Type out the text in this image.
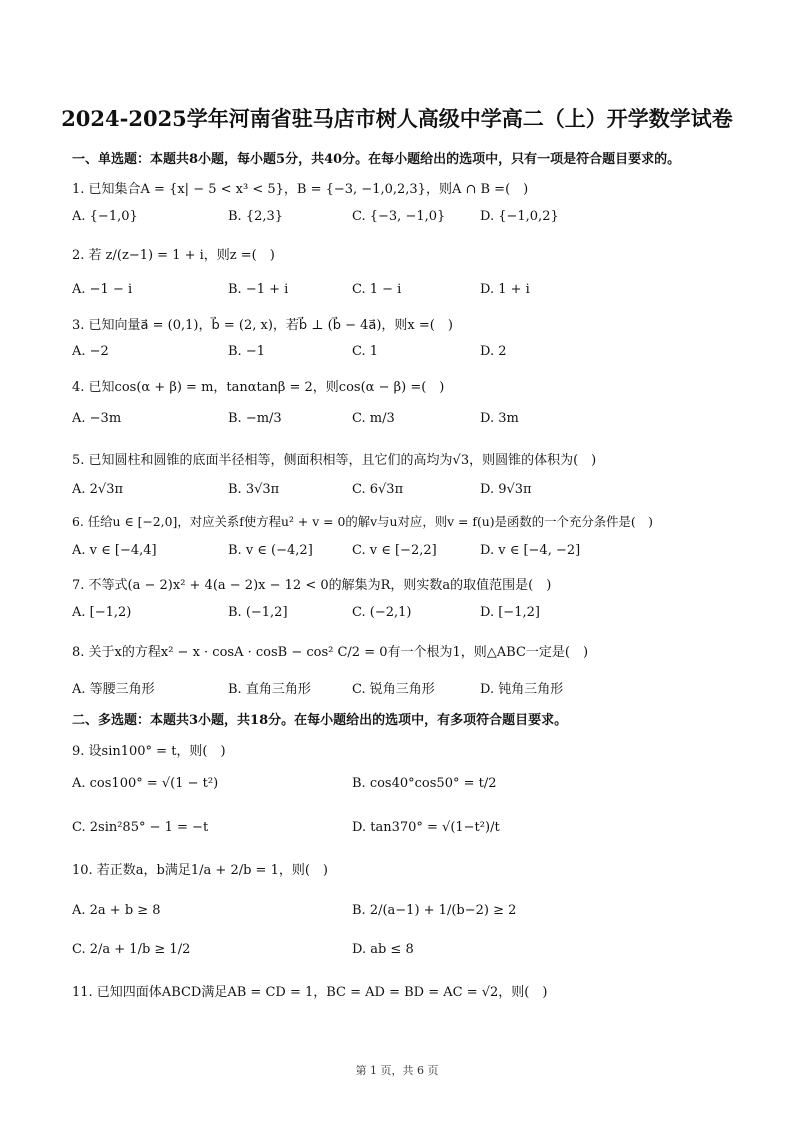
2024-2025学年河南省驻马店市树人高级中学高二（上）开学数学试卷
一、单选题：本题共8小题，每小题5分，共40分。在每小题给出的选项中，只有一项是符合题目要求的。
1. 已知集合A = {x| − 5 < x³ < 5}，B = {−3, −1,0,2,3}，则A ∩ B =(　)
A. {−1,0}	B. {2,3}	C. {−3, −1,0}	D. {−1,0,2}
2. 若 z/(z−1) = 1 + i，则z =(　)
A. −1 − i	B. −1 + i	C. 1 − i	D. 1 + i
3. 已知向量a⃗ = (0,1)，b⃗ = (2, x)，若b⃗ ⊥ (b⃗ − 4a⃗)，则x =(　)
A. −2	B. −1	C. 1	D. 2
4. 已知cos(α + β) = m，tanαtanβ = 2，则cos(α − β) =(　)
A. −3m	B. −m/3	C. m/3	D. 3m
5. 已知圆柱和圆锥的底面半径相等，侧面积相等，且它们的高均为√3，则圆锥的体积为(　)
A. 2√3π	B. 3√3π	C. 6√3π	D. 9√3π
6. 任给u ∈ [−2,0]，对应关系f使方程u² + v = 0的解v与u对应，则v = f(u)是函数的一个充分条件是(　)
A. v ∈ [−4,4]	B. v ∈ (−4,2]	C. v ∈ [−2,2]	D. v ∈ [−4, −2]
7. 不等式(a − 2)x² + 4(a − 2)x − 12 < 0的解集为R，则实数a的取值范围是(　)
A. [−1,2)	B. (−1,2]	C. (−2,1)	D. [−1,2]
8. 关于x的方程x² − x · cosA · cosB − cos² C/2 = 0有一个根为1，则△ABC一定是(　)
A. 等腰三角形	B. 直角三角形	C. 锐角三角形	D. 钝角三角形
二、多选题：本题共3小题，共18分。在每小题给出的选项中，有多项符合题目要求。
9. 设sin100° = t，则(　)
A. cos100° = √(1 − t²)	B. cos40°cos50° = t/2
C. 2sin²85° − 1 = −t	D. tan370° = √(1−t²)/t
10. 若正数a，b满足1/a + 2/b = 1，则(　)
A. 2a + b ≥ 8	B. 2/(a−1) + 1/(b−2) ≥ 2
C. 2/a + 1/b ≥ 1/2	D. ab ≤ 8
11. 已知四面体ABCD满足AB = CD = 1，BC = AD = BD = AC = √2，则(　)
第 1 页，共 6 页
